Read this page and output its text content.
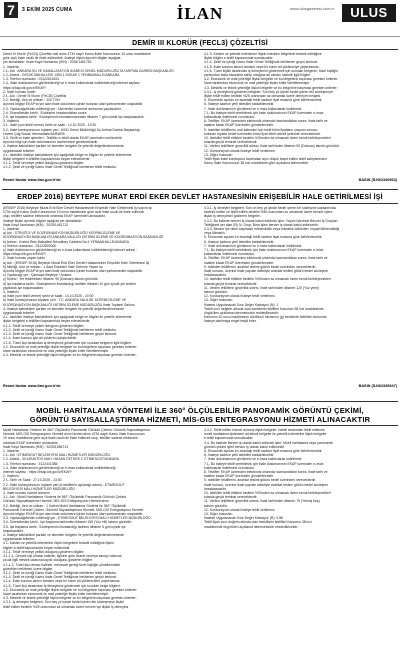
7	3 EKİM 2025 CUMA	İLAN	www.ulusgazetesi.com.tr	ULUS
DEMİR III KLORÜR (FECL3) ÇÖZELTİSİ
Demir III Klorür (FeCl3) Çözeltisi mal alımı 4734 sayılı Kamu İhale Kanununun 19 uncu maddesine
göre açık ihale usulü ile ihale edilecektir. İhaleye ilişkin ayrıntılı bilgiler aşağıda
yer almaktadır: İhale Kayıt Numarası (İKN) : 2025/1461753
1- İdarenin
1.1- Adı : ANKARA SU VE KANALİZASYON İDARESİ GENEL MÜDÜRLÜĞÜ SU ARITMA DAİRESİ BAŞKANLIĞI
1.2- Adresi : İVEDİK MAHALLESİ 1453 1.SOKAK 1 YENİMAHALLE/ANKARA
1.3- Telefon numarası : 03122616161
1.4- İhale dokümanının görülebileceği ve e-imza kullanılarak indirilebileceği internet sayfası :
https://ekap.kik.gov.tr/EKAP/
2- İhale konusu malın
2.1- Adı : Demir III Klorür (FeCl3) Çözeltisi
2.2- Niteliği, türü ve miktarı : 120 TON
Ayrıntılı bilgiye EKAP'ta yer alan ihale dokümanı içinde bulunan idari şartnameden ulaşılabilir.
2.3- Yapılacağı/teslim edileceği yer : Mal teslim İdaremiz ambarına yapılacaktır.
2.4- Süresi/teslim tarihi : Sözleşme imzalandıktan sonra
2.5- İşe başlama tarihi : Sözleşmenin imzalanmasından itibaren 7 gün içinde işe başlanacaktır.
3- İhalenin
3.1- İhale (son teklif verme) tarihi ve saati : 14.10.2025 - 10:30
3.2- İhale komisyonunun toplantı yeri : ASKİ Genel Müdürlüğü Su Arıtma Dairesi Başkanlığı
Levent Çağ Sokak Yenimahalle/ANKARA
3.3- Teklif ve ihale işlemleri : Teklifler e-teklif olarak EKAP üzerinden verilecektir.
Ayrıntılı bilgi için ihale dokümanının incelenmesi gerekmektedir.
4- İhaleye katılabilme şartları ve istenilen belgeler ile yeterlik değerlendirmesinde
uygulanacak kriterler:
4.1- İstekliler ihaleye katılabilmek için aşağıdaki belge ve bilgiler ile yeterlik kriterlerine
ilişkin belgeleri e-teklifleri kapsamında beyan edeceklerdir.
4.1.1- Teklif vermeye yetkili olduğunu gösteren bilgiler.
4.1.2- Şekli ve içeriği Kamu İhale Genel Tebliğinde belirlenen teklif mektubu.
4.1.3- Katılım ve yeterlik kriterlerine ilişkin istenilen belgelerin tedarik edildiğine
ilişkin bilgiler e-teklif kapsamında sunulacaktır.
4.1.4- Şekli ve içeriği Kamu İhale Genel Tebliğinde belirlenen geçici teminat.
4.1.5- İhale konusu alımın tamamı veya bir kısmı alt yükleniciye yaptırılamaz.
4.1.6- Tüzel kişilik tarafından iş deneyimini göstermek için sunulan belgenin, tüzel kişiliğin
yarısından fazla hissesine sahip ortağına ait olması halinde ilgili bilgiler.
4.2- Ekonomik ve mali yeterliğe ilişkin belgeler ve bu belgelerin taşıması gereken kriterler:
İdare tarafından ekonomik ve mali yeterliğe ilişkin kriter belirtilmemiştir.
4.3- Mesleki ve teknik yeterliğe ilişkin belgeler ve bu belgelerin taşıması gereken kriterler:
4.3.1- İş deneyimini gösteren belgeler: Son beş yıl içinde bedel içeren tek sözleşmeye
ilişkin teklif edilen bedelin %25 oranından az olmamak üzere deneyim belgesi.
5- Ekonomik açıdan en avantajlı teklif sadece fiyat esasına göre belirlenecektir.
6- İhaleye sadece yerli istekliler katılabilecektir.
7- İhale dokümanının görülmesi ve e-imza kullanılarak indirilmesi:
7.1- Bu ihaleye teklif verebilmek için ihale dokümanının EKAP üzerinden e-imza
kullanılarak indirilmesi zorunludur.
8- Teklifler, EKAP üzerinden elektronik ortamda hazırlandıktan sonra, ihale tarih ve
saatine kadar EKAP üzerinden gönderilecektir.
9- İstekliler tekliflerini, mal kalemleri için teklif birim fiyatların çarpımı sonucu
bulunan toplam bedel üzerinden birim fiyat teklif cetveli şeklinde vereceklerdir.
10- İstekliler teklif ettikleri bedelin %3'ünden az olmamak üzere kendi belirleyecekleri
tutarda geçici teminat vereceklerdir.
11- Verilen tekliflerin geçerlilik süresi, ihale tarihinden itibaren 90 (Doksan) takvim günüdür.
12- Konsorsiyum olarak ihaleye teklif verilemez.
13- Diğer hususlar:
Teklif fiyatı ihale komisyonu tarafından aşırı düşük tespit edilen teklif sahiplerinden
Kamu İhale Kanununun 38 inci maddesine göre açıklama istenecektir.
Resmî ilanlar www.ilan.gov.tr'de	BASIN (İLN02340963)
ERDEP 2016) BEYTEPE MURAT ERDİ EKER DEVLET HASTANESİNİN ERİŞEBİLİR HALE GETİRİLMESİ İŞİ
(ERDEP 2016) Beytepe Murat Erdi Eker Devlet Hastanesinin Erişebilir Hale Getirilmesi İşi yapım işi
4734 sayılı Kamu İhale Kanununun 19 uncu maddesine göre açık ihale usulü ile ihale edilecek
olup, teklifler sadece elektronik ortamda EKAP üzerinden alınacaktır.
İhaleye ilişkin ayrıntılı bilgiler aşağıda yer almaktadır:
İhale Kayıt Numarası (İKN) : 2025/1461712
1- İdarenin
a) Adı : STRATEJİ VE KOORDİNASYON MÜDÜRLÜĞÜ YATIRIM İZLEME VE
KOORDİNASYON BAŞKANLIĞI ANKARA VALİLİĞİ YATIRIM İZLEME VE KOORDİNASYON BAŞKANLIĞI
b) Adresi : Korkut Reis Mahallesi Necatibey Caddesi No:1 YENİMAHALLE/ANKARA
c) Telefon numarası : 03122800000
ç) İhale dokümanının görülebileceği ve e-imza kullanılarak indirilebileceği internet adresi :
https://ekap.kik.gov.tr/EKAP/
2- İhale konusu yapım işinin
a) Adı : (ERDEP 2016) Beytepe Murat Erdi Eker Devlet Hastanesinin Erişebilir Hale Getirilmesi İşi
b) Niteliği, türü ve miktarı : 1 Adet Erişebilir Hale Getirme Yapım İşi
Ayrıntılı bilgiye EKAP'ta yer alan ihale dokümanı içinde bulunan idari şartnameden ulaşılabilir.
c) Yapılacağı yer : Çankaya-Beytepe / Ankara
ç) Süresi : Yer tesliminden itibaren 90 (Doksan) takvim günüdür.
d) İşe başlama tarihi : Sözleşmenin imzalandığı tarihten itibaren 10 gün içinde yer teslimi
yapılarak işe başlanacaktır.
3- İhalenin
a) İhale (son teklif verme) tarihi ve saati : 14.10.2025 - 10:00
b) İhale komisyonunun toplantı yeri : T.C. ANKARA VALİLİĞİ YATIRIM İZLEME VE
KOORDİNASYON BAŞKANLIĞI YATIRIM İZLEME MÜDÜRLÜĞÜ İhale Toplantı Salonu
4- İhaleye katılabilme şartları ve istenilen belgeler ile yeterlik değerlendirmesinde
uygulanacak kriterler:
4.1- İstekliler ihaleye katılabilmek için aşağıdaki belge ve bilgiler ile yeterlik kriterlerine
ilişkin belgeleri e-teklifleri kapsamında beyan edeceklerdir.
4.1.1- Teklif vermeye yetkili olduğunu gösteren bilgiler;
4.1.2- Şekli ve içeriği Kamu İhale Genel Tebliğinde belirlenen teklif mektubu.
4.1.3- Şekli ve içeriği Kamu İhale Genel Tebliğinde belirlenen geçici teminat.
4.1.4- İhale konusu işte alt yüklenici çalıştırılabilir.
4.1.5- Tüzel kişi tarafından iş deneyimini göstermek için sunulan belgenin ilgili bilgileri.
4.2- Ekonomik ve mali yeterliğe ilişkin belgeler ve bu belgelerin taşıması gereken kriterler:
İdare tarafından ekonomik ve mali yeterliğe ilişkin kriter belirtilmemiştir.
4.3- Mesleki ve teknik yeterliğe ilişkin belgeler ve bu belgelerin taşıması gereken kriterler:
4.3.1- İş deneyim belgeleri: Son on beş yıl içinde bedel içeren bir sözleşme kapsamında
taahhüt edilen ve teklif edilen bedelin %50 oranından az olmamak üzere benzer işlere
ilişkin iş deneyimini gösteren belgeler.
4.3.2- Bu ihalede benzer iş olarak kabul edilecek işler: Yapım İşlerinde Benzer İş Grupları
Tebliğinde yer alan (B) IV. Grup: Bina İşleri benzer iş olarak kabul edilecektir.
4.3.3- Benzer işe denk sayılacak mühendislik veya mimarlık bölümleri: İnşaat Mühendisliği
veya Mimarlık.
5- Ekonomik açıdan en avantajlı teklif sadece fiyat esasına göre belirlenecektir.
6- İhaleye sadece yerli istekliler katılabilecektir.
7- İhale dokümanının görülmesi ve e-imza kullanılarak indirilmesi:
7.1- Bu ihaleye teklif verebilmek için ihale dokümanının EKAP üzerinden e-imza
kullanılarak indirilmesi zorunludur.
8- Teklifler, EKAP üzerinden elektronik ortamda hazırlandıktan sonra, ihale tarih ve
saatine kadar EKAP üzerinden gönderilecektir.
9- İstekliler tekliflerini, anahtar teslimi götürü bedel üzerinden vereceklerdir.
İhale sonucu, üzerine ihale yapılan istekliyle anahtar teslimi götürü bedel sözleşme
imzalanacaktır.
10- İstekliler teklif ettikleri bedelin %3'ünden az olmamak üzere kendi belirleyecekleri
tutarda geçici teminat vereceklerdir.
11- Verilen tekliflerin geçerlilik süresi, ihale tarihinden itibaren 120 (Yüz yirmi)
takvim günüdür.
12- Konsorsiyum olarak ihaleye teklif verilemez.
13- Diğer hususlar:
İhalede Uygulanacak Sınır Değer Katsayısı (N): 1
Teklifi sınır değerin altında olan isteklilerin teklifleri Kanunun 38 inci maddesinde
öngörülen açıklama istenmeksizin reddedilecektir.
Kanunun 10 uncu maddesinin dördüncü fıkrasının (g) bendinde belirtilen durumlar
ihaleye katılmaya engel teşkil eder.
Resmî ilanlar www.ilan.gov.tr'de	BASIN (İLN02339947)
MOBİL HARİTALAMA YÖNTEMİ İLE 360° ÖLÇÜLEBİLİR PANORAMİK GÖRÜNTÜ ÇEKİMİ,
GÖRÜNTÜ SAYISALLAŞTIRMA HİZMETİ, MİS-GIS ENTEGRASYONU HİZMETİ ALINACAKTIR
Mobil Haritalama Yöntemi ile 360° Ölçülebilir Panoramik Görüntü Çekimi, Görüntü Sayısallaştırma
Hizmeti, MİS-GIS Entegrasyonu Hizmeti alımı hizmet alımı 4734 sayılı Kamu İhale Kanununun
19 uncu maddesine göre açık ihale usulü ile ihale edilecek olup, teklifler sadece elektronik
ortamda EKAP üzerinden alınacaktır.
İhale Kayıt Numarası (İKN) : 2025/1556713
1- İdarenin
1.1- Adı : ETİMESGUT BELEDİYESİ MALİ HİZMETLER MÜDÜRLÜĞÜ
1.2- Adresi : 30 AĞUSTOS MAH. HASAN ÖZTÜRK C ETİMESGUT/ANKARA
1.3- Telefon numarası : 3122441385
1.4- İhale dokümanının görülebileceği ve e-imza kullanılarak indirilebileceği
internet sayfası : https://ekap.kik.gov.tr/EKAP/
2- İhalenin
2.1- Tarih ve Saati : 27.10.2025 - 13:30
2.2- İhale komisyonunun toplantı yeri (e-tekliflerin açılacağı adres) : ETİMESGUT
BELEDİYESİ MALİ HİZMETLER MÜDÜRLÜĞÜ
3- İhale konusu hizmet alımının
3.1- Adı : Mobil Haritalama Yöntemi ile 360° Ölçülebilir Panoramik Görüntü Çekimi,
Görüntü Sayısallaştırma Hizmeti, MİS-GIS Entegrasyonu Hizmeti alımı
3.2- Niteliği, türü ve miktarı : 1 Kalem Mobil Haritalama Yöntemi ile 360° Ölçülebilir
Panoramik Görüntü Çekimi, Görüntü Sayısallaştırma Hizmeti, MİS-GIS Entegrasyonu Hizmeti
Ayrıntılı bilgiye EKAP'ta yer alan ihale dokümanı içinde bulunan idari şartnameden ulaşılabilir.
3.3- Yapılacağı/teslim edileceği yer : ETİMESGUT BELEDİYESİ MALİ HİZMETLER MÜDÜRLÜĞÜ
3.4- Süresi/teslim tarihi : İşe başlama tarihinden itibaren 150 (Yüz elli) takvim günüdür.
3.5- İşe başlama tarihi : Sözleşmenin imzalandığı tarihten itibaren 5 gün içinde işe
başlanacaktır.
4- İhaleye katılabilme şartları ve istenilen belgeler ile yeterlik değerlendirmesinde
uygulanacak kriterler:
4.1- Katılım ve yeterlik kriterlerine ilişkin belgelerin tedarik edildiğine ilişkin
bilgiler e-teklif kapsamında beyan edilecektir.
4.1.1- Teklif vermeye yetkili olduğunu gösteren bilgiler;
4.1.1.1- Gerçek kişi olması halinde, ilgisine göre ticaret ve/veya sanayi odasına
ya da ilgili meslek odasına kayıtlı olduğunu gösteren bilgiler.
4.1.1.2- Tüzel kişi olması halinde, mevzuatı gereği tüzel kişiliğin yönetimindeki
görevlileri belirtmek üzere bilgiler.
4.1.2- Şekli ve içeriği Kamu İhale Genel Tebliğinde belirlenen teklif mektubu.
4.1.3- Şekli ve içeriği Kamu İhale Genel Tebliğinde belirlenen geçici teminat.
4.1.4- İhale konusu alımın tamamı veya bir kısmı alt yüklenicilere yaptırılamaz.
4.1.5- Tüzel kişi tarafından iş deneyimini göstermek için sunulan belge bilgileri.
4.2- Ekonomik ve mali yeterliğe ilişkin belgeler ve bu belgelerin taşıması gereken kriterler:
İdare tarafından ekonomik ve mali yeterliğe ilişkin kriter belirtilmemiştir.
4.3- Mesleki ve teknik yeterliğe ilişkin belgeler ve bu belgelerin taşıması gereken kriterler:
4.3.1- İş deneyim belgeleri: Son beş yıl içinde bedel içeren tek sözleşmeye ilişkin
teklif edilen bedelin %25 oranından az olmamak üzere benzer işe ilişkin iş deneyimi.
4.3.2- Teklif edilen hizmet alımına ilişkin belgeler: İstekli tarafından teklif edilecek
mobil haritalama sistemine ait teknik belgeler ile yeterlik kriterlerine ilişkin belgeler
e-teklif kapsamında sunulacaktır.
4.4- Bu ihalede benzer iş olarak kabul edilecek işler: Mobil haritalama veya panoramik
görüntü çekimi işleri benzer iş olarak kabul edilecektir.
5- Ekonomik açıdan en avantajlı teklif sadece fiyat esasına göre belirlenecektir.
6- İhaleye sadece yerli istekliler katılabilecektir.
7- İhale dokümanının görülmesi ve e-imza kullanılarak indirilmesi:
7.1- Bu ihaleye teklif verebilmek için ihale dokümanının EKAP üzerinden e-imza
kullanılarak indirilmesi zorunludur.
8- Teklifler, EKAP üzerinden elektronik ortamda hazırlandıktan sonra, ihale tarih ve
saatine kadar EKAP üzerinden gönderilecektir.
9- İstekliler tekliflerini, anahtar teslimi götürü bedel üzerinden vereceklerdir.
İhale sonucu, üzerine ihale yapılan istekliyle anahtar teslimi götürü bedel sözleşme
imzalanacaktır.
10- İstekliler teklif ettikleri bedelin %3'ünden az olmamak üzere kendi belirleyecekleri
tutarda geçici teminat vereceklerdir.
11- Verilen tekliflerin geçerlilik süresi, ihale tarihinden itibaren 75 (Yetmiş beş)
takvim günüdür.
12- Konsorsiyum olarak ihaleye teklif verilemez.
13- Diğer hususlar:
İhalede Uygulanacak Sınır Değer Katsayısı (R): 0,86
Teklif fiyatı sınır değerin altında olan isteklilerin teklifleri Kanunun 38 inci
maddesinde öngörülen açıklama istenmeksizin reddedilecektir.
